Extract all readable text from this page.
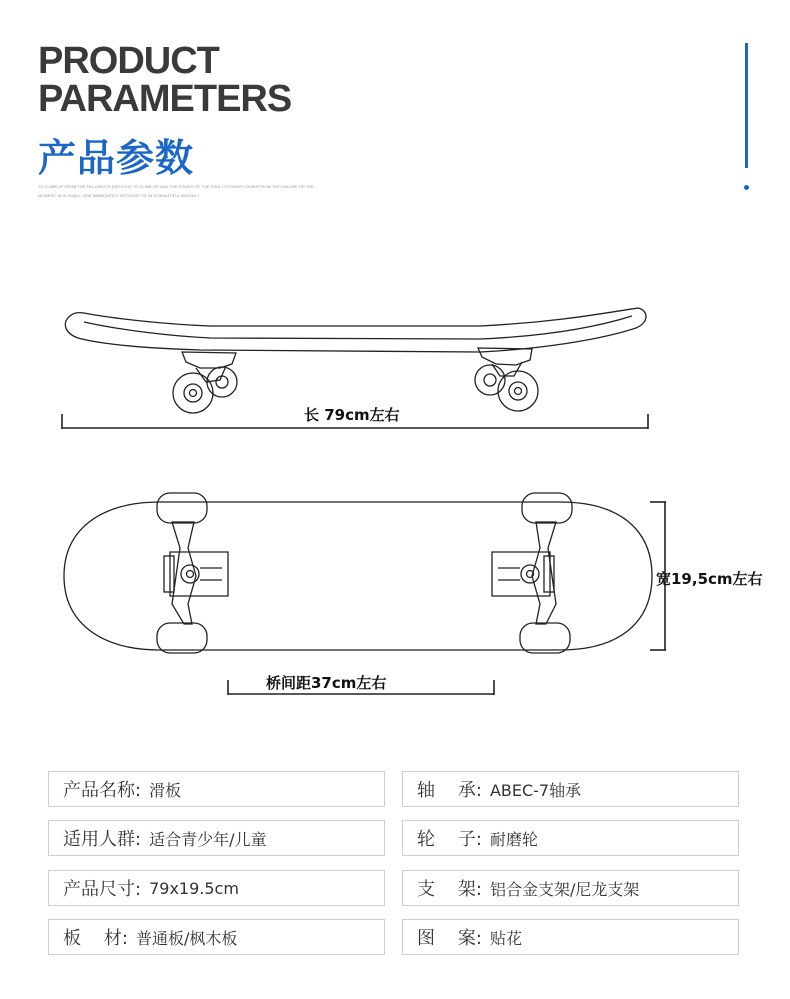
PRODUCT
PARAMETERS
产品参数
TO CLIMB UP FROM THE FAILURES IS DIFFICULT TO CLIMB UP, AND THE POWER OF THE SOUL IS POWER COMES FROM THE FAILURE OR THE
MOMENT, IN IS SMALL, ONE IMMEDIATELY RETURNS TO, IN IS BEAUTIFUL BLOOM, I
长 79cm左右
宽19,5cm左右
桥间距37cm左右
产品名称: 滑板	轴    承: ABEC-7轴承
适用人群: 适合青少年/儿童	轮    子: 耐磨轮
产品尺寸: 79x19.5cm	支    架: 铝合金支架/尼龙支架
板    材: 普通板/枫木板	图    案: 贴花
